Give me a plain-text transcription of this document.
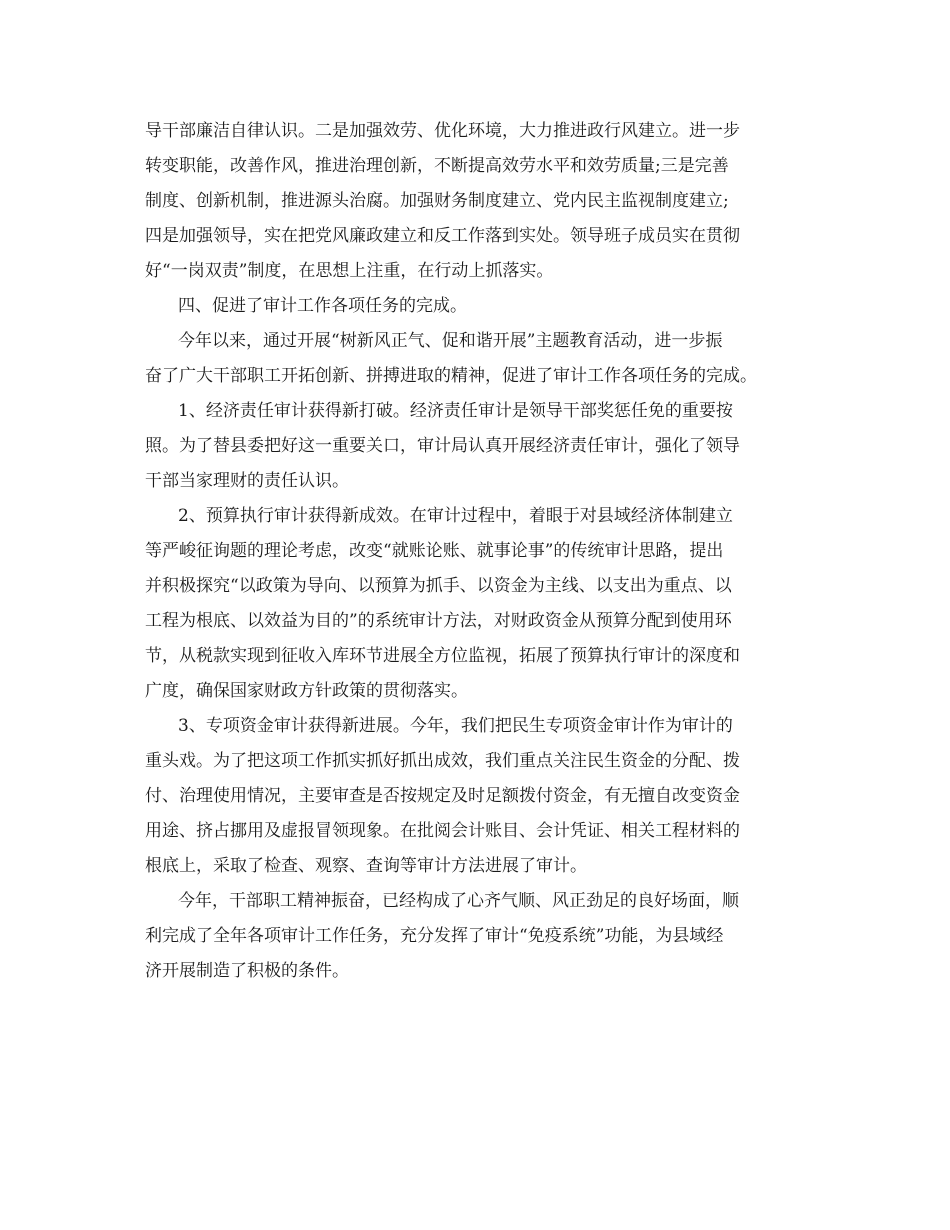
导干部廉洁自律认识。二是加强效劳、优化环境，大力推进政行风建立。进一步
转变职能，改善作风，推进治理创新，不断提高效劳水平和效劳质量;三是完善
制度、创新机制，推进源头治腐。加强财务制度建立、党内民主监视制度建立;
四是加强领导，实在把党风廉政建立和反工作落到实处。领导班子成员实在贯彻
好“一岗双责”制度，在思想上注重，在行动上抓落实。
四、促进了审计工作各项任务的完成。
今年以来，通过开展“树新风正气、促和谐开展”主题教育活动，进一步振
奋了广大干部职工开拓创新、拼搏进取的精神，促进了审计工作各项任务的完成。
1、经济责任审计获得新打破。经济责任审计是领导干部奖惩任免的重要按
照。为了替县委把好这一重要关口，审计局认真开展经济责任审计，强化了领导
干部当家理财的责任认识。
2、预算执行审计获得新成效。在审计过程中，着眼于对县域经济体制建立
等严峻征询题的理论考虑，改变“就账论账、就事论事”的传统审计思路，提出
并积极探究“以政策为导向、以预算为抓手、以资金为主线、以支出为重点、以
工程为根底、以效益为目的”的系统审计方法，对财政资金从预算分配到使用环
节，从税款实现到征收入库环节进展全方位监视，拓展了预算执行审计的深度和
广度，确保国家财政方针政策的贯彻落实。
3、专项资金审计获得新进展。今年，我们把民生专项资金审计作为审计的
重头戏。为了把这项工作抓实抓好抓出成效，我们重点关注民生资金的分配、拨
付、治理使用情况，主要审查是否按规定及时足额拨付资金，有无擅自改变资金
用途、挤占挪用及虚报冒领现象。在批阅会计账目、会计凭证、相关工程材料的
根底上，采取了检查、观察、查询等审计方法进展了审计。
今年，干部职工精神振奋，已经构成了心齐气顺、风正劲足的良好场面，顺
利完成了全年各项审计工作任务，充分发挥了审计“免疫系统”功能，为县域经
济开展制造了积极的条件。
